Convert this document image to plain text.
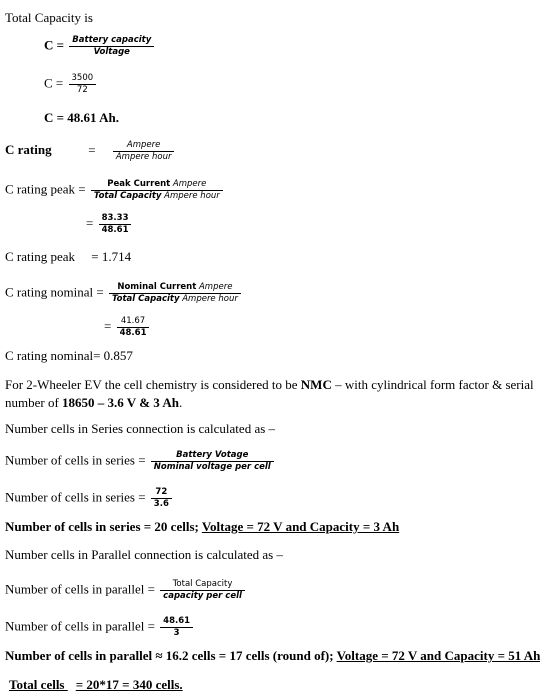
Total Capacity is
$C = \frac{\text{Battery capacity}}{\text{Voltage}}$
$C = \frac{3500}{72}$
C = 48.61 Ah.
C rating	= $\frac{\text{Ampere}}{\text{Ampere hour}}$
C rating peak = $\frac{\text{Peak Current Ampere}}{\text{Total Capacity Ampere hour}}$
= $\frac{83.33}{48.61}$
C rating peak = 1.714
C rating nominal = $\frac{\text{Nominal Current Ampere}}{\text{Total Capacity Ampere hour}}$
= $\frac{41.67}{48.61}$
C rating nominal= 0.857
For 2-Wheeler EV the cell chemistry is considered to be NMC – with cylindrical form factor & serial
number of 18650 – 3.6 V & 3 Ah.
Number cells in Series connection is calculated as –
Number of cells in series = $\frac{\text{Battery Votage}}{\text{Nominal voltage per cell}}$
Number of cells in series = $\frac{72}{3.6}$
Number of cells in series = 20 cells; Voltage = 72 V and Capacity = 3 Ah
Number cells in Parallel connection is calculated as –
Number of cells in parallel = $\frac{\text{Total Capacity}}{\text{capacity per cell}}$
Number of cells in parallel = $\frac{48.61}{3}$
Number of cells in parallel ≈ 16.2 cells = 17 cells (round of); Voltage = 72 V and Capacity = 51 Ah
Total cells = 20*17 = 340 cells.
